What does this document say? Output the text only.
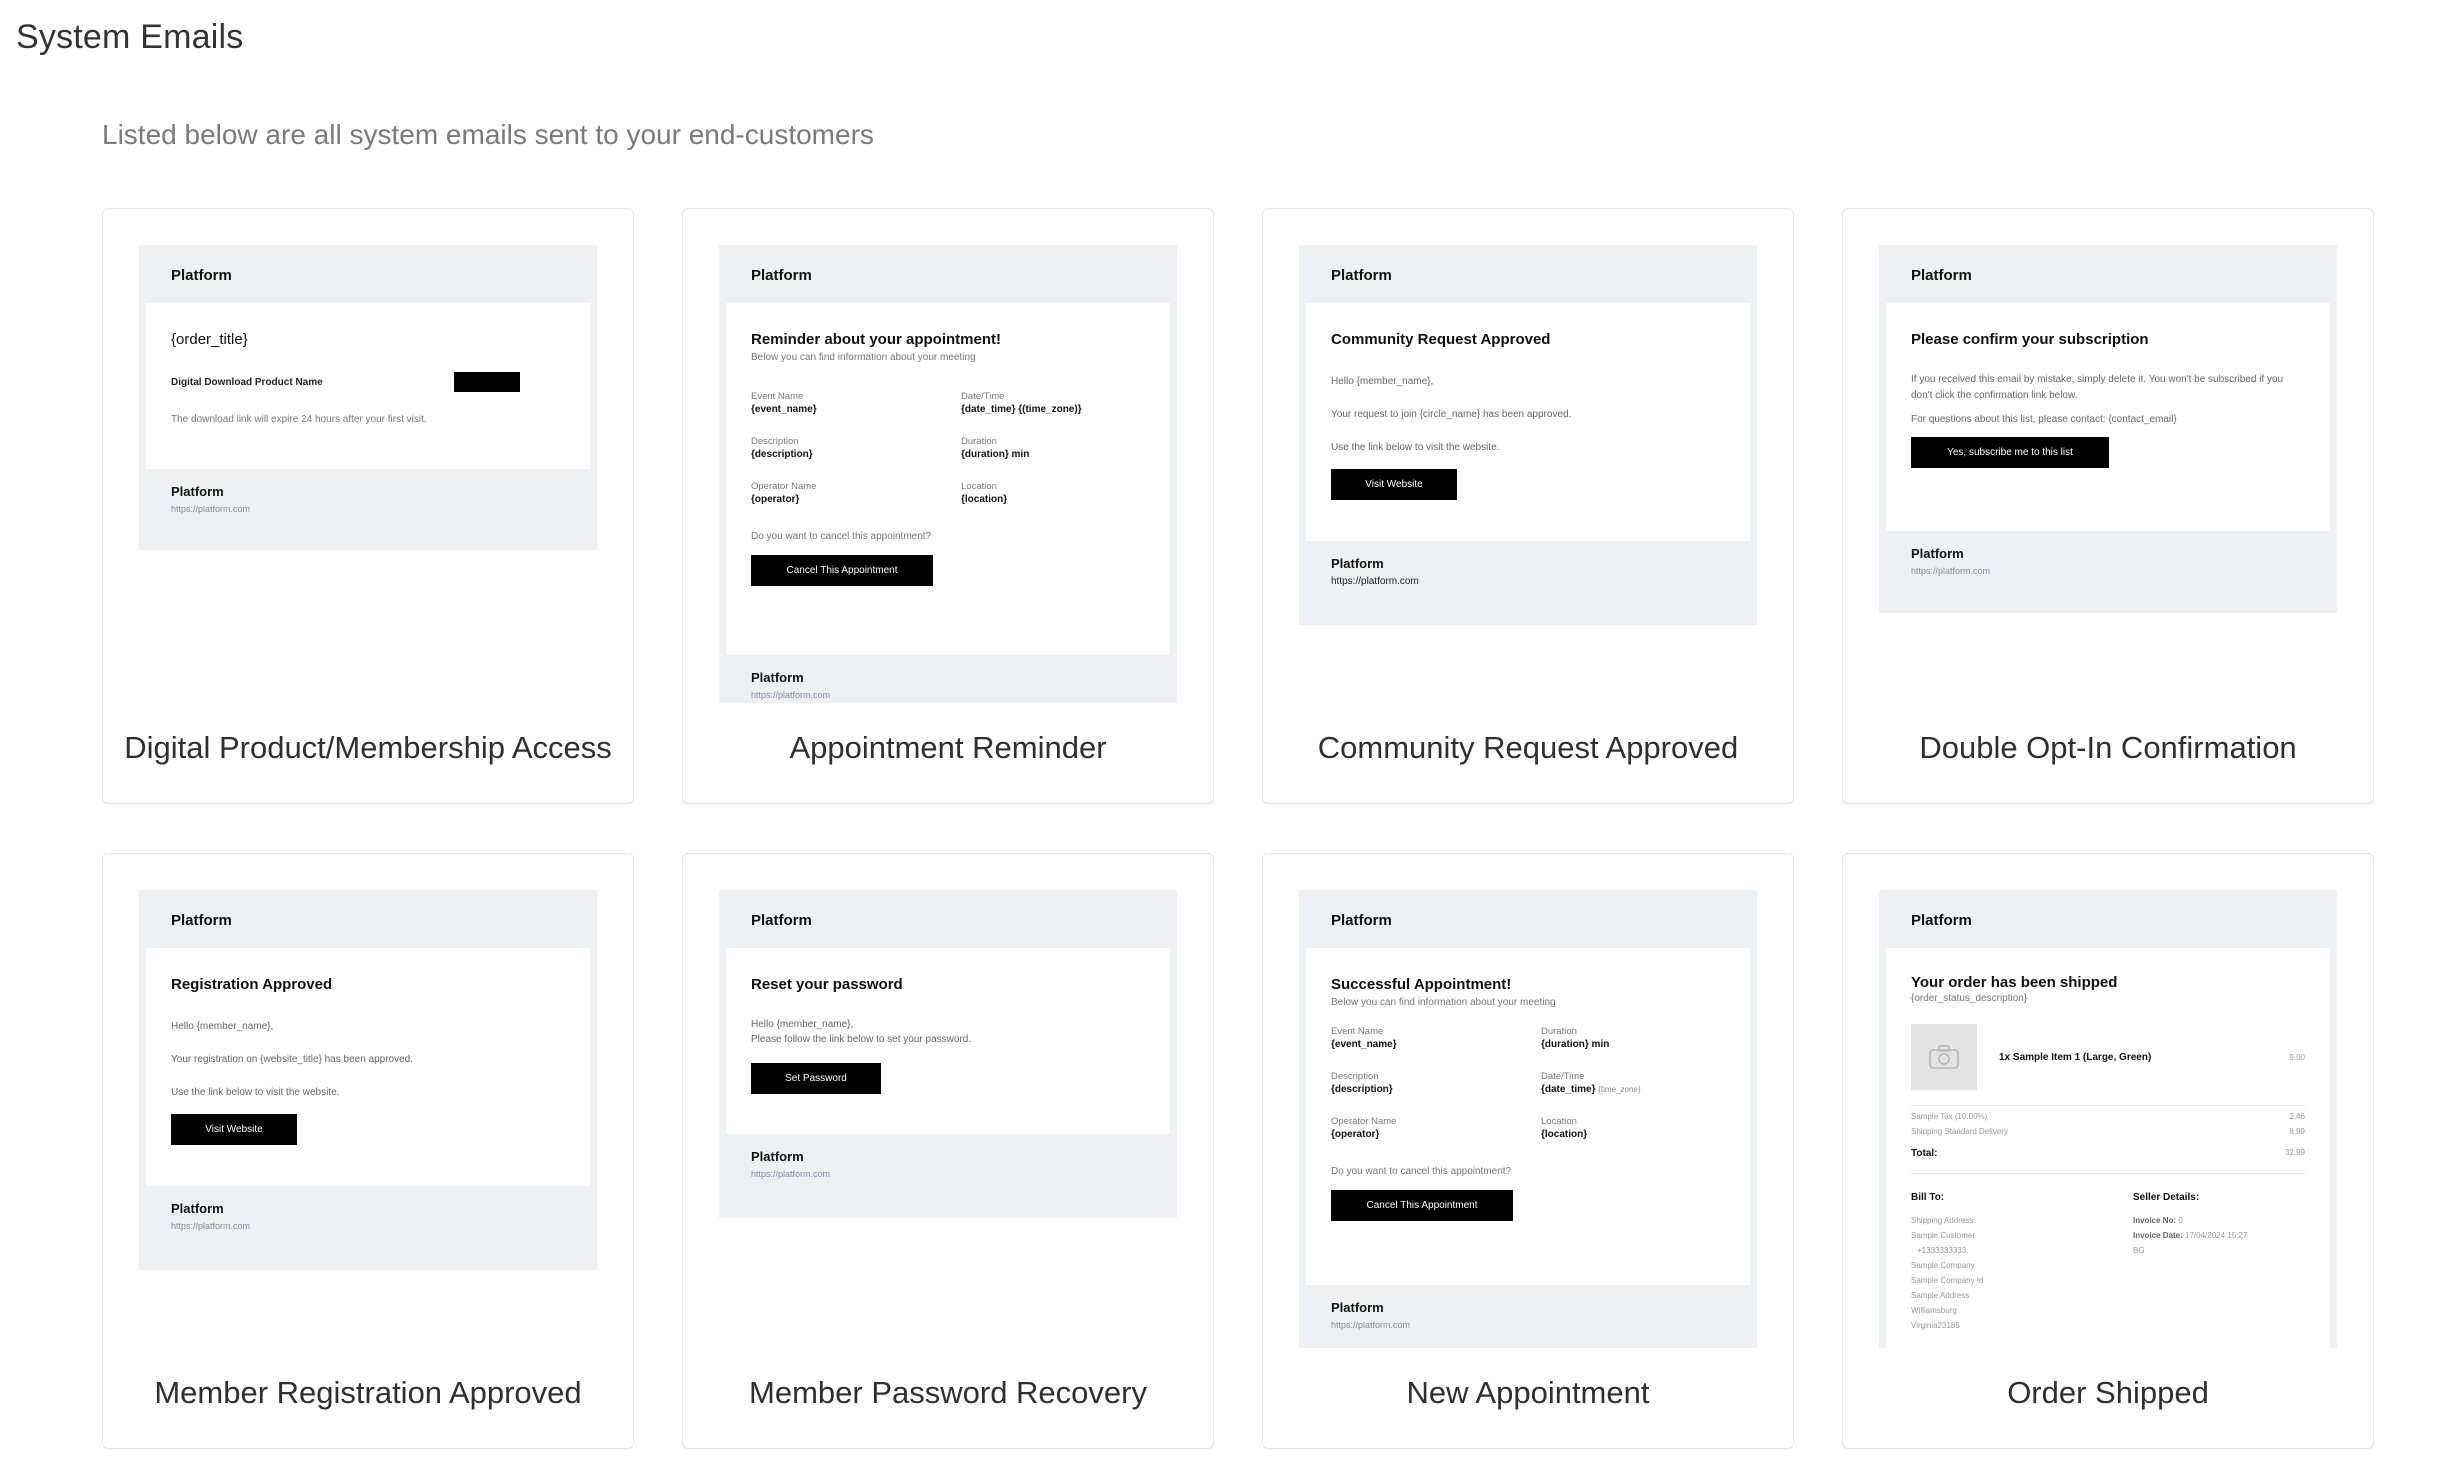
System Emails

Listed below are all system emails sent to your end-customers

Platform
{order_title}
Digital Download Product Name
The download link will expire 24 hours after your first visit.
Platform
https://platform.com
Digital Product/Membership Access
Platform
Reminder about your appointment!
Below you can find information about your meeting
Event Name
{event_name}
Date/Time
{date_time} {(time_zone)}
Description
{description}
Duration
{duration} min
Operator Name
{operator}
Location
{location}
Do you want to cancel this appointment?
Cancel This Appointment
Platform
https://platform.com
Appointment Reminder
Platform
Community Request Approved
Hello {member_name},
Your request to join {circle_name} has been approved.
Use the link below to visit the website.
Visit Website
Platform
https://platform.com
Community Request Approved
Platform
Please confirm your subscription
If you received this email by mistake, simply delete it. You won't be subscribed if you don't click the confirmation link below.
For questions about this list, please contact: {contact_email}
Yes, subscribe me to this list
Platform
https://platform.com
Double Opt-In Confirmation
Platform
Registration Approved
Hello {member_name},
Your registration on {website_title} has been approved.
Use the link below to visit the website.
Visit Website
Platform
https://platform.com
Member Registration Approved
Platform
Reset your password
Hello {member_name},
Please follow the link below to set your password.
Set Password
Platform
https://platform.com
Member Password Recovery
Platform
Successful Appointment!
Below you can find information about your meeting
Event Name
{event_name}
Duration
{duration} min
Description
{description}
Date/Time
{date_time} {time_zone}
Operator Name
{operator}
Location
{location}
Do you want to cancel this appointment?
Cancel This Appointment
Platform
https://platform.com
New Appointment
Platform
Your order has been shipped
{order_status_description}
1x Sample Item 1 (Large, Green)	9.00
Sample Tax (10.00%)	2.46
Shipping Standard Delivery	8.99
Total:	32.99
Bill To:
Shipping Address:
Sample Customer
+1333333333,
Sample Company
Sample Company Id
Sample Address
Williamsburg
Virginia23185
Seller Details:
Invoice No: 0
Invoice Date: 17/04/2024 15:27
BG
Order Shipped
